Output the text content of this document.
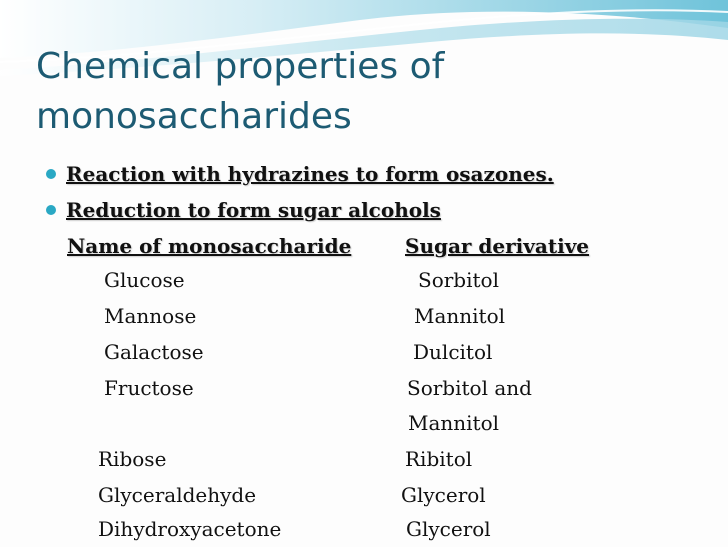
Chemical properties of
monosaccharides
Reaction with hydrazines to form osazones.
Reduction to form sugar alcohols
Name of monosaccharide	Sugar derivative
Glucose	Sorbitol
Mannose	Mannitol
Galactose	Dulcitol
Fructose	Sorbitol and
Mannitol
Ribose	Ribitol
Glyceraldehyde	Glycerol
Dihydroxyacetone	Glycerol
